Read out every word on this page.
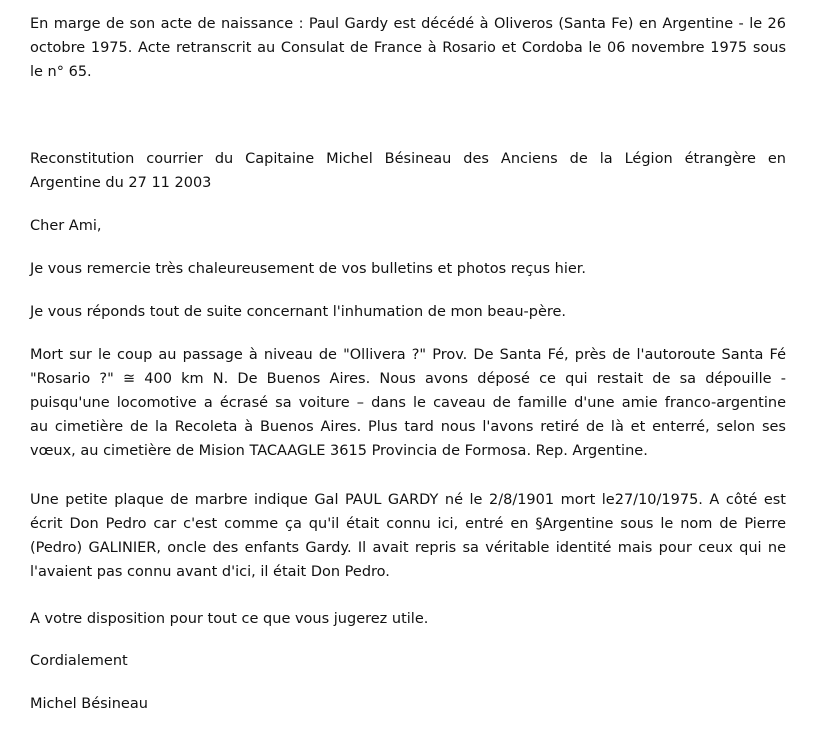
En marge de son acte de naissance : Paul Gardy est décédé à Oliveros (Santa Fe) en Argentine - le 26
octobre 1975. Acte retranscrit au Consulat de France à Rosario et Cordoba le 06 novembre 1975 sous
le n° 65.

Reconstitution courrier du Capitaine Michel Bésineau des Anciens de la Légion étrangère en
Argentine du 27 11 2003

Cher Ami,

Je vous remercie très chaleureusement de vos bulletins et photos reçus hier.

Je vous réponds tout de suite concernant l'inhumation de mon beau-père.

Mort sur le coup au passage à niveau de "Ollivera ?" Prov. De Santa Fé, près de l'autoroute Santa Fé
"Rosario ?" ≅ 400 km N. De Buenos Aires. Nous avons déposé ce qui restait de sa dépouille -
puisqu'une locomotive a écrasé sa voiture – dans le caveau de famille d'une amie franco-argentine
au cimetière de la Recoleta à Buenos Aires. Plus tard nous l'avons retiré de là et enterré, selon ses
vœux, au cimetière de Mision TACAAGLE 3615 Provincia de Formosa. Rep. Argentine.

Une petite plaque de marbre indique Gal PAUL GARDY né le 2/8/1901 mort le27/10/1975. A côté est
écrit Don Pedro car c'est comme ça qu'il était connu ici, entré en §Argentine sous le nom de Pierre
(Pedro) GALINIER, oncle des enfants Gardy. Il avait repris sa véritable identité mais pour ceux qui ne
l'avaient pas connu avant d'ici, il était Don Pedro.

A votre disposition pour tout ce que vous jugerez utile.

Cordialement

Michel Bésineau
